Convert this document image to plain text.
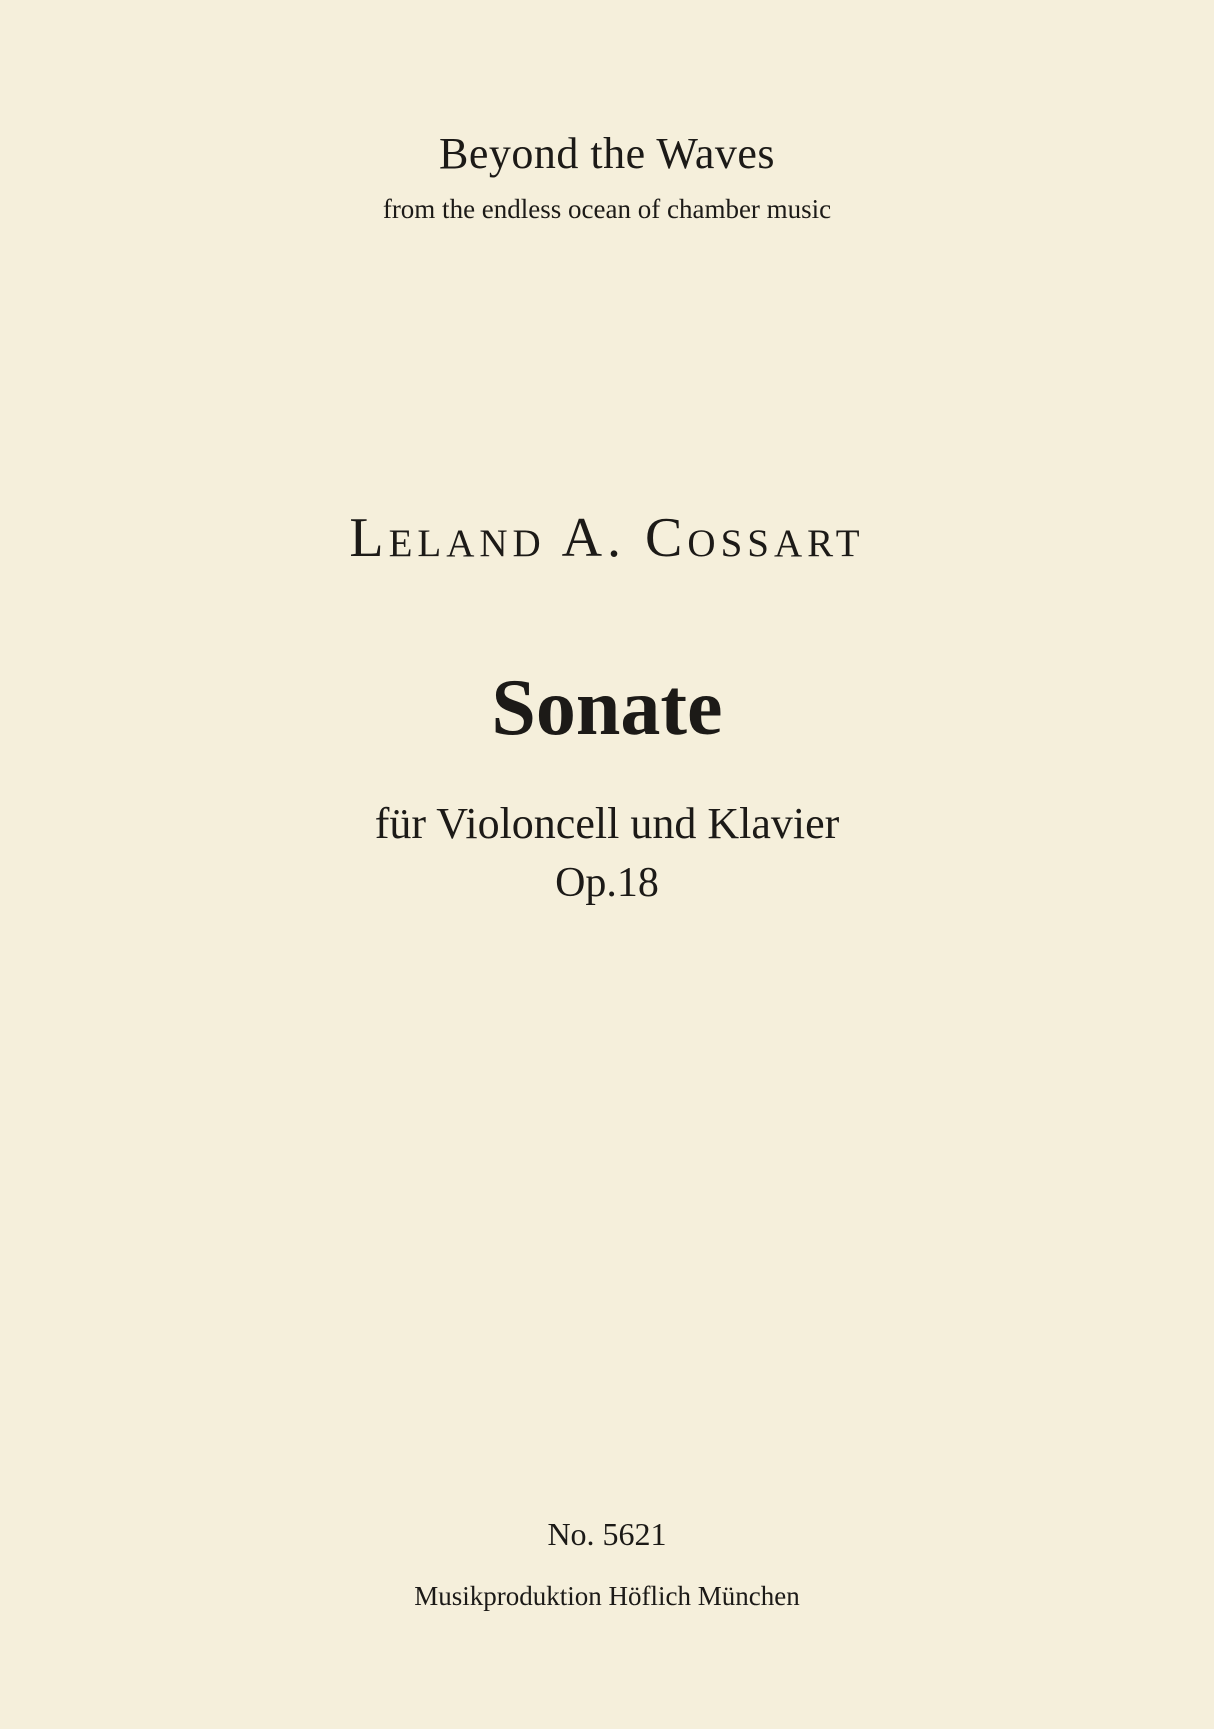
Beyond the Waves
from the endless ocean of chamber music
Leland A. Cossart
Sonate
für Violoncell und Klavier
Op.18
No. 5621
Musikproduktion Höflich München
